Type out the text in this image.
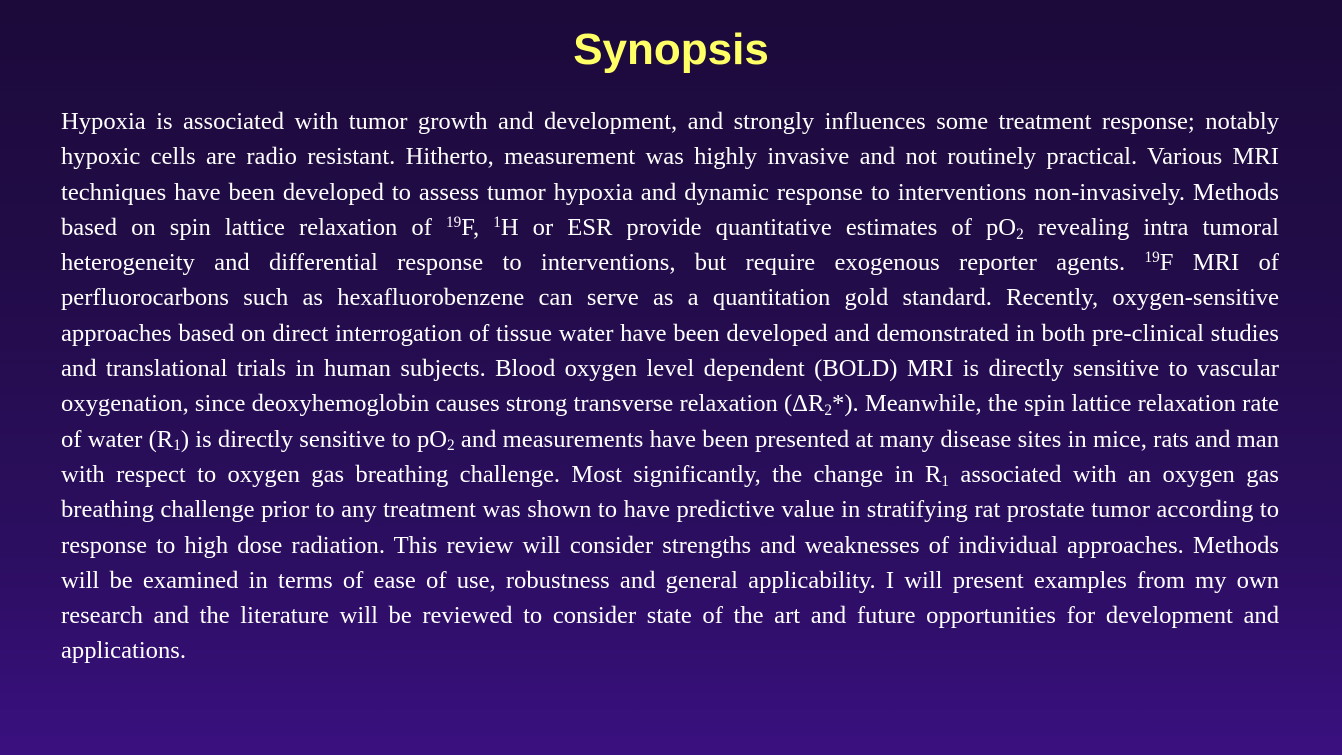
Synopsis

Hypoxia is associated with tumor growth and development, and strongly influences some treatment response; notably hypoxic cells are radio resistant. Hitherto, measurement was highly invasive and not routinely practical. Various MRI techniques have been developed to assess tumor hypoxia and dynamic response to interventions non-invasively. Methods based on spin lattice relaxation of $^{19}$F, $^1$H or ESR provide quantitative estimates of $pO_2$ revealing intra tumoral heterogeneity and differential response to interventions, but require exogenous reporter agents. $^{19}$F MRI of perfluorocarbons such as hexafluorobenzene can serve as a quantitation gold standard. Recently, oxygen-sensitive approaches based on direct interrogation of tissue water have been developed and demonstrated in both pre-clinical studies and translational trials in human subjects. Blood oxygen level dependent (BOLD) MRI is directly sensitive to vascular oxygenation, since deoxyhemoglobin causes strong transverse relaxation $(\Delta R_2*)$. Meanwhile, the spin lattice relaxation rate of water $(R_1)$ is directly sensitive to $pO_2$ and measurements have been presented at many disease sites in mice, rats and man with respect to oxygen gas breathing challenge. Most significantly, the change in $R_1$ associated with an oxygen gas breathing challenge prior to any treatment was shown to have predictive value in stratifying rat prostate tumor according to response to high dose radiation. This review will consider strengths and weaknesses of individual approaches. Methods will be examined in terms of ease of use, robustness and general applicability. I will present examples from my own research and the literature will be reviewed to consider state of the art and future opportunities for development and applications.
